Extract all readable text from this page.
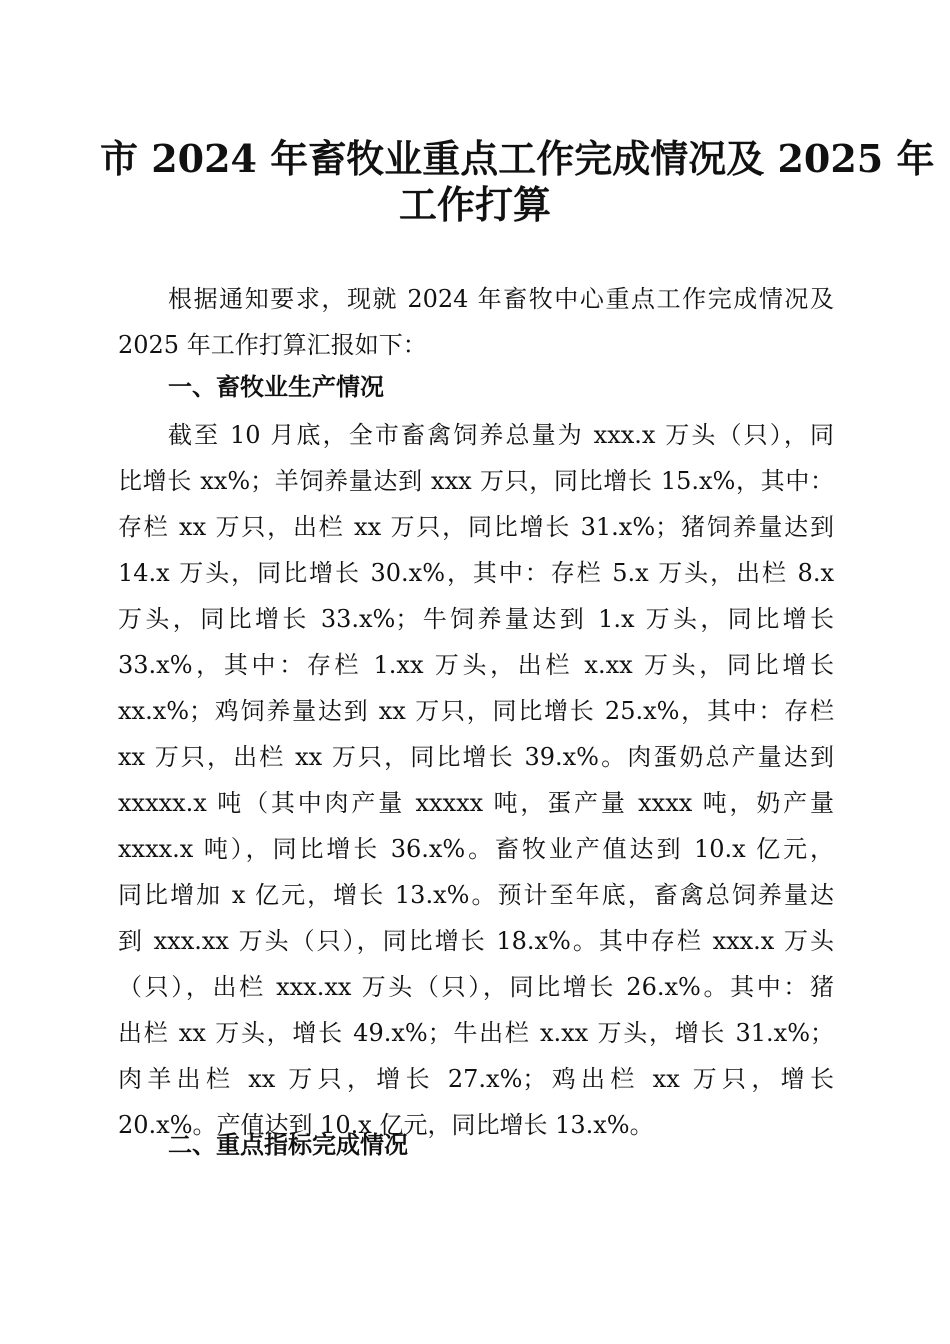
市 2024 年畜牧业重点工作完成情况及 2025 年
工作打算
根据通知要求，现就 2024 年畜牧中心重点工作完成情况及
2025 年工作打算汇报如下：
一、畜牧业生产情况
截至 10 月底，全市畜禽饲养总量为 xxx.x 万头（只），同
比增长 xx%；羊饲养量达到 xxx 万只，同比增长 15.x%，其中：
存栏 xx 万只，出栏 xx 万只，同比增长 31.x%；猪饲养量达到
14.x 万头，同比增长 30.x%，其中：存栏 5.x 万头，出栏 8.x
万头，同比增长 33.x%；牛饲养量达到 1.x 万头，同比增长
33.x%，其中：存栏 1.xx 万头，出栏 x.xx 万头，同比增长
xx.x%；鸡饲养量达到 xx 万只，同比增长 25.x%，其中：存栏
xx 万只，出栏 xx 万只，同比增长 39.x%。肉蛋奶总产量达到
xxxxx.x 吨（其中肉产量 xxxxx 吨，蛋产量 xxxx 吨，奶产量
xxxx.x 吨），同比增长 36.x%。畜牧业产值达到 10.x 亿元，
同比增加 x 亿元，增长 13.x%。预计至年底，畜禽总饲养量达
到 xxx.xx 万头（只），同比增长 18.x%。其中存栏 xxx.x 万头
（只），出栏 xxx.xx 万头（只），同比增长 26.x%。其中：猪
出栏 xx 万头，增长 49.x%；牛出栏 x.xx 万头，增长 31.x%；
肉羊出栏 xx 万只，增长 27.x%；鸡出栏 xx 万只，增长
20.x%。产值达到 10.x 亿元，同比增长 13.x%。
二、重点指标完成情况
